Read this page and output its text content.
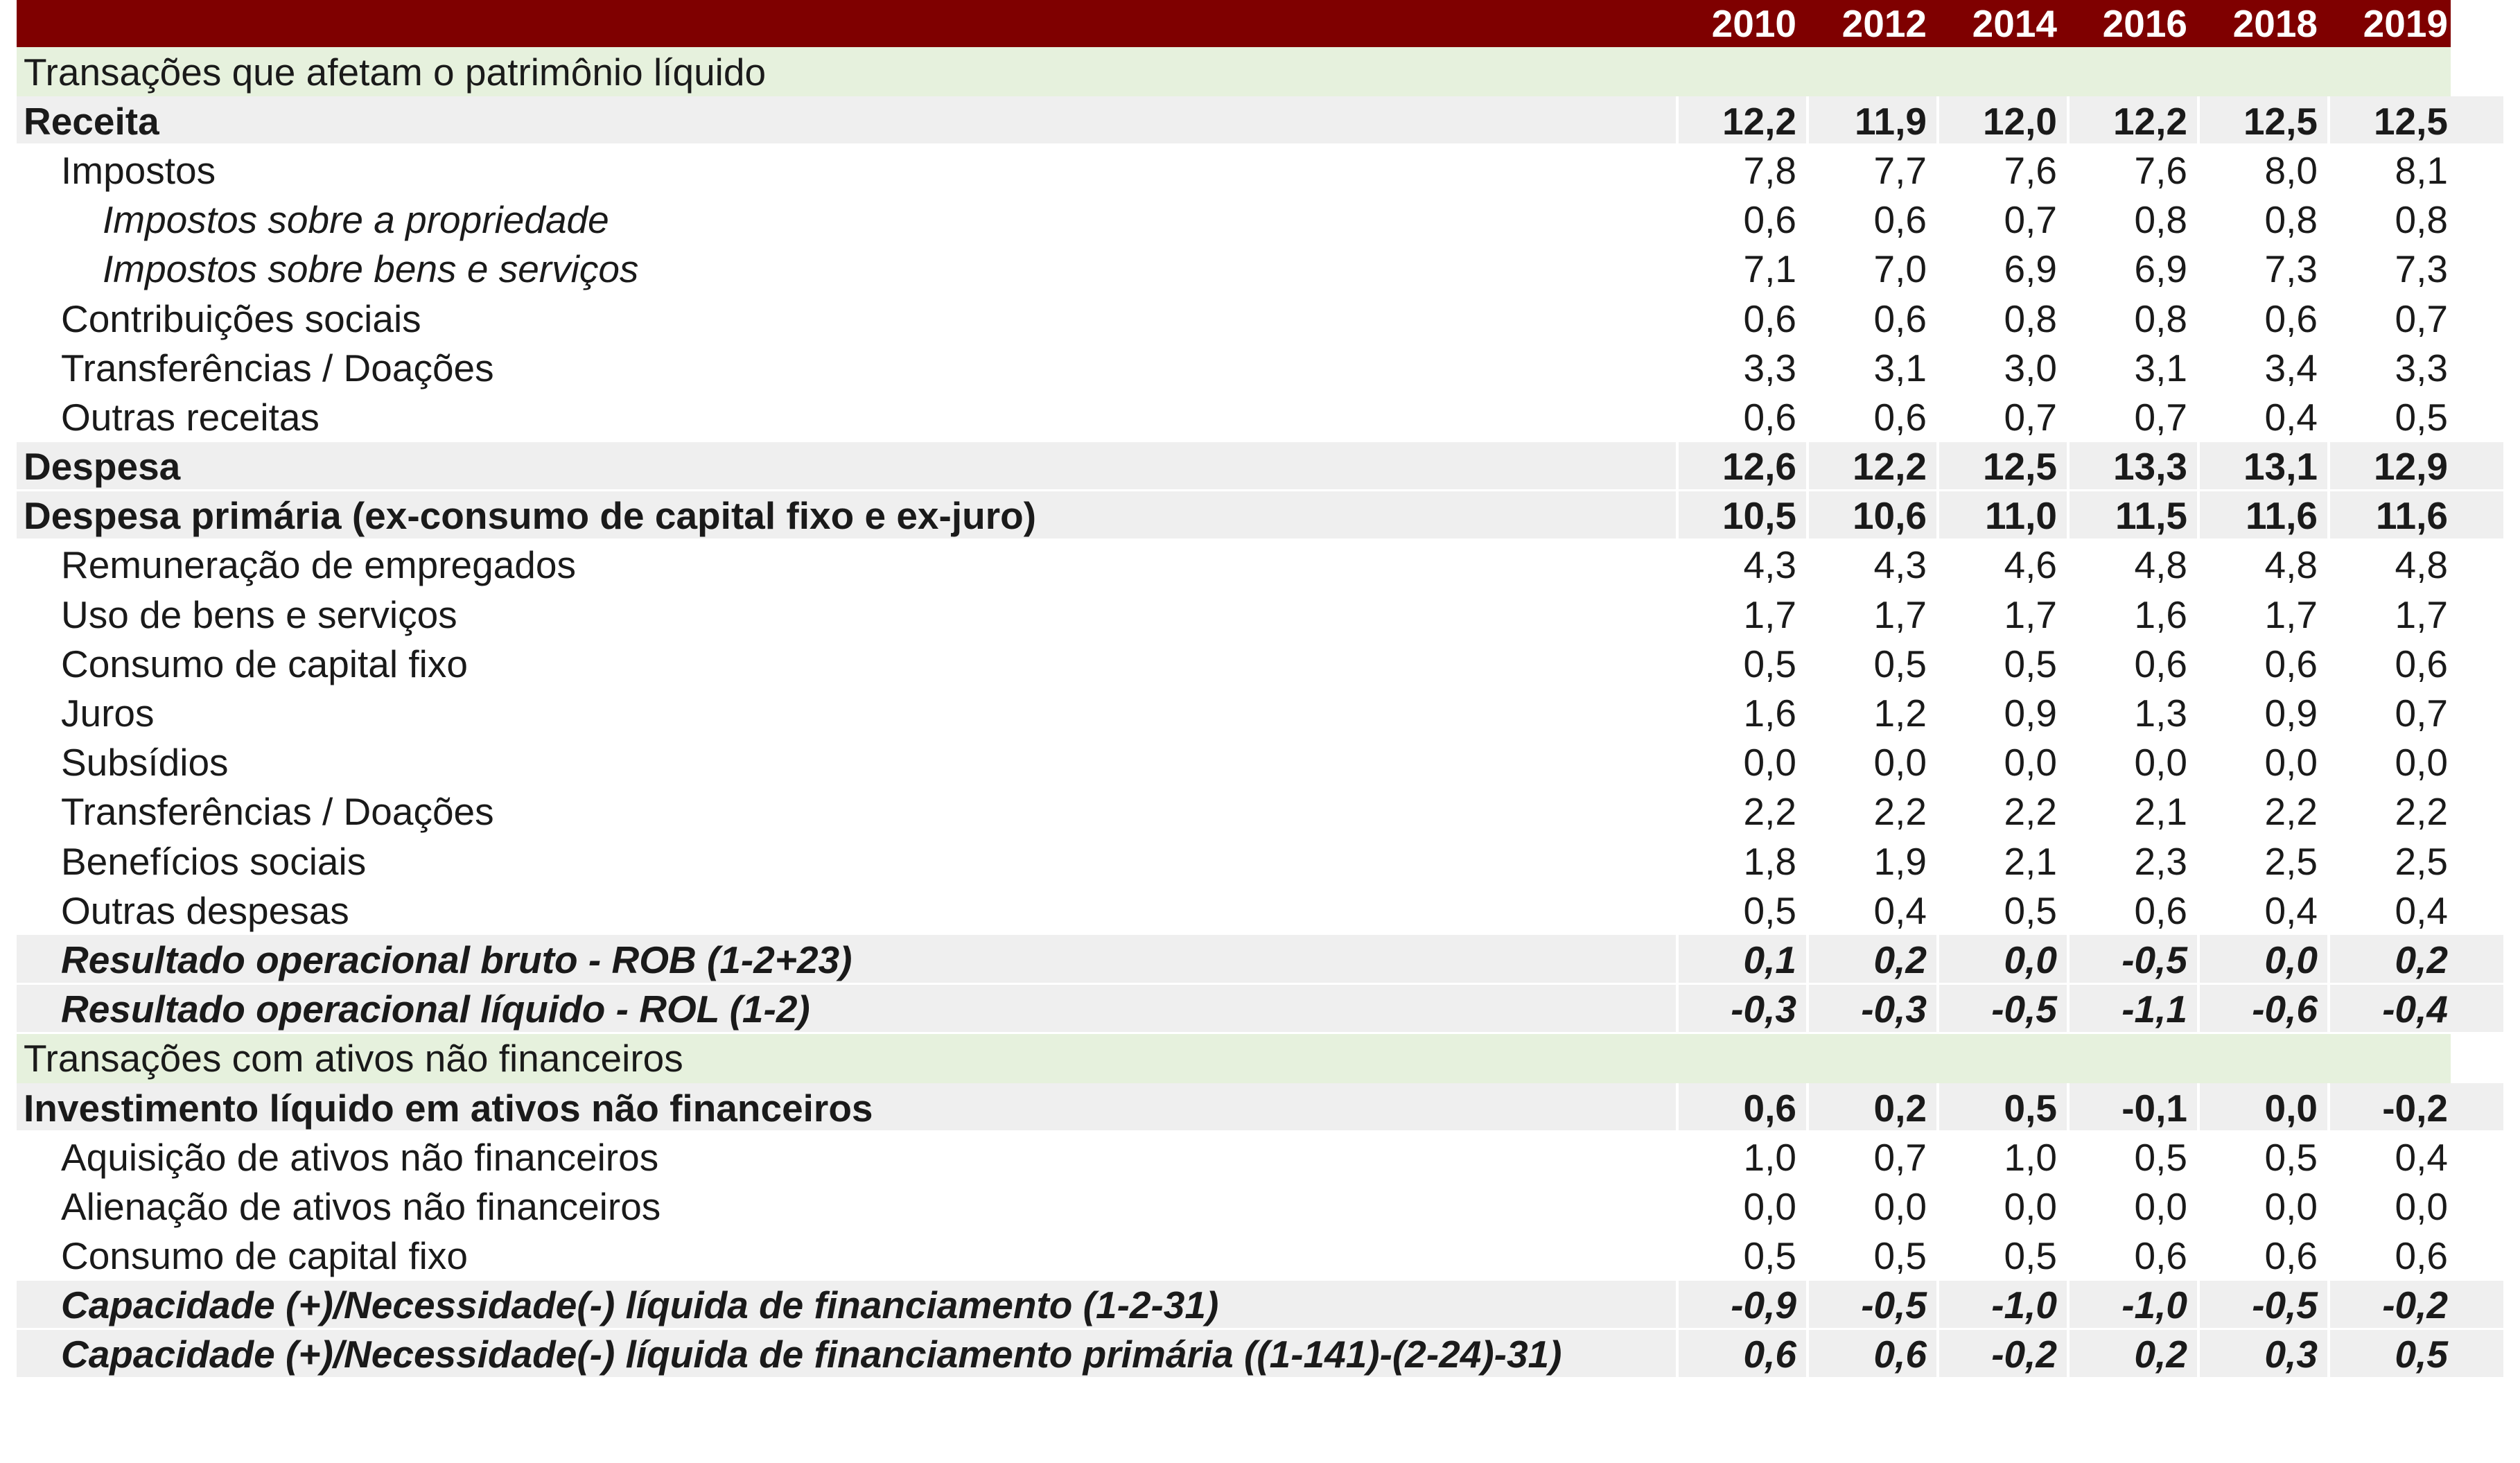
2010	2012	2014	2016	2018	2019
Transações que afetam o patrimônio líquido
Receita	12,2	11,9	12,0	12,2	12,5	12,5
Impostos	7,8	7,7	7,6	7,6	8,0	8,1
Impostos sobre a propriedade	0,6	0,6	0,7	0,8	0,8	0,8
Impostos sobre bens e serviços	7,1	7,0	6,9	6,9	7,3	7,3
Contribuições sociais	0,6	0,6	0,8	0,8	0,6	0,7
Transferências / Doações	3,3	3,1	3,0	3,1	3,4	3,3
Outras receitas	0,6	0,6	0,7	0,7	0,4	0,5
Despesa	12,6	12,2	12,5	13,3	13,1	12,9
Despesa primária (ex-consumo de capital fixo e ex-juro)	10,5	10,6	11,0	11,5	11,6	11,6
Remuneração de empregados	4,3	4,3	4,6	4,8	4,8	4,8
Uso de bens e serviços	1,7	1,7	1,7	1,6	1,7	1,7
Consumo de capital fixo	0,5	0,5	0,5	0,6	0,6	0,6
Juros	1,6	1,2	0,9	1,3	0,9	0,7
Subsídios	0,0	0,0	0,0	0,0	0,0	0,0
Transferências / Doações	2,2	2,2	2,2	2,1	2,2	2,2
Benefícios sociais	1,8	1,9	2,1	2,3	2,5	2,5
Outras despesas	0,5	0,4	0,5	0,6	0,4	0,4
Resultado operacional bruto - ROB (1-2+23)	0,1	0,2	0,0	-0,5	0,0	0,2
Resultado operacional líquido - ROL (1-2)	-0,3	-0,3	-0,5	-1,1	-0,6	-0,4
Transações com ativos não financeiros
Investimento líquido em ativos não financeiros	0,6	0,2	0,5	-0,1	0,0	-0,2
Aquisição de ativos não financeiros	1,0	0,7	1,0	0,5	0,5	0,4
Alienação de ativos não financeiros	0,0	0,0	0,0	0,0	0,0	0,0
Consumo de capital fixo	0,5	0,5	0,5	0,6	0,6	0,6
Capacidade (+)/Necessidade(-) líquida de financiamento (1-2-31)	-0,9	-0,5	-1,0	-1,0	-0,5	-0,2
Capacidade (+)/Necessidade(-) líquida de financiamento primária ((1-141)-(2-24)-31)	0,6	0,6	-0,2	0,2	0,3	0,5
